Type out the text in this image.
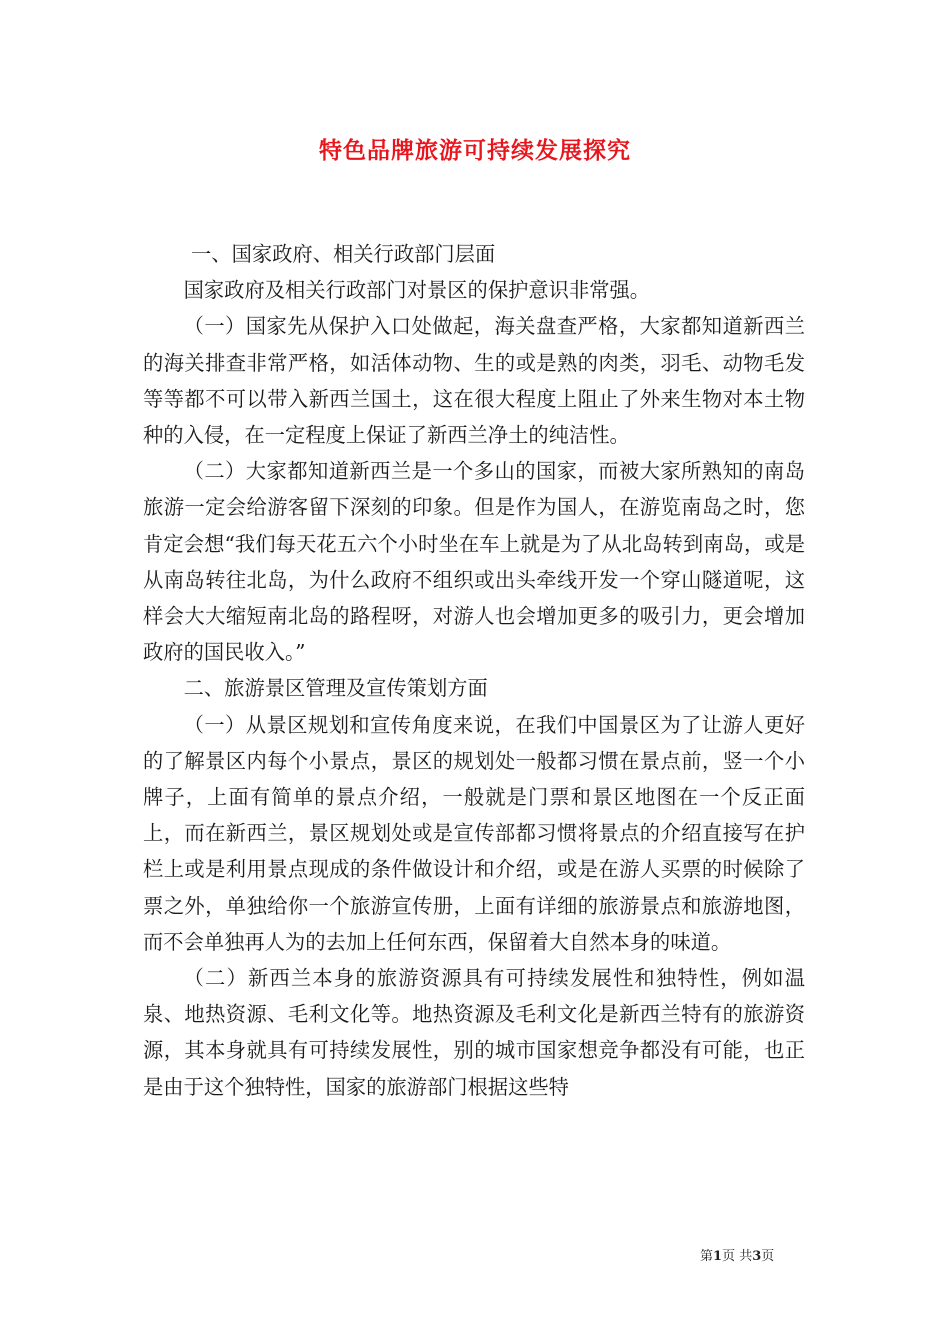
特色品牌旅游可持续发展探究

一、国家政府、相关行政部门层面

国家政府及相关行政部门对景区的保护意识非常强。

（一）国家先从保护入口处做起，海关盘查严格，大家都知道新西兰的海关排查非常严格，如活体动物、生的或是熟的肉类，羽毛、动物毛发等等都不可以带入新西兰国土，这在很大程度上阻止了外来生物对本土物种的入侵，在一定程度上保证了新西兰净土的纯洁性。

（二）大家都知道新西兰是一个多山的国家，而被大家所熟知的南岛旅游一定会给游客留下深刻的印象。但是作为国人，在游览南岛之时，您肯定会想“我们每天花五六个小时坐在车上就是为了从北岛转到南岛，或是从南岛转往北岛，为什么政府不组织或出头牵线开发一个穿山隧道呢，这样会大大缩短南北岛的路程呀，对游人也会增加更多的吸引力，更会增加政府的国民收入。”

二、旅游景区管理及宣传策划方面

（一）从景区规划和宣传角度来说，在我们中国景区为了让游人更好的了解景区内每个小景点，景区的规划处一般都习惯在景点前，竖一个小牌子，上面有简单的景点介绍，一般就是门票和景区地图在一个反正面上，而在新西兰，景区规划处或是宣传部都习惯将景点的介绍直接写在护栏上或是利用景点现成的条件做设计和介绍，或是在游人买票的时候除了票之外，单独给你一个旅游宣传册，上面有详细的旅游景点和旅游地图，而不会单独再人为的去加上任何东西，保留着大自然本身的味道。

（二）新西兰本身的旅游资源具有可持续发展性和独特性，例如温泉、地热资源、毛利文化等。地热资源及毛利文化是新西兰特有的旅游资源，其本身就具有可持续发展性，别的城市国家想竞争都没有可能，也正是由于这个独特性，国家的旅游部门根据这些特

第1页 共3页
